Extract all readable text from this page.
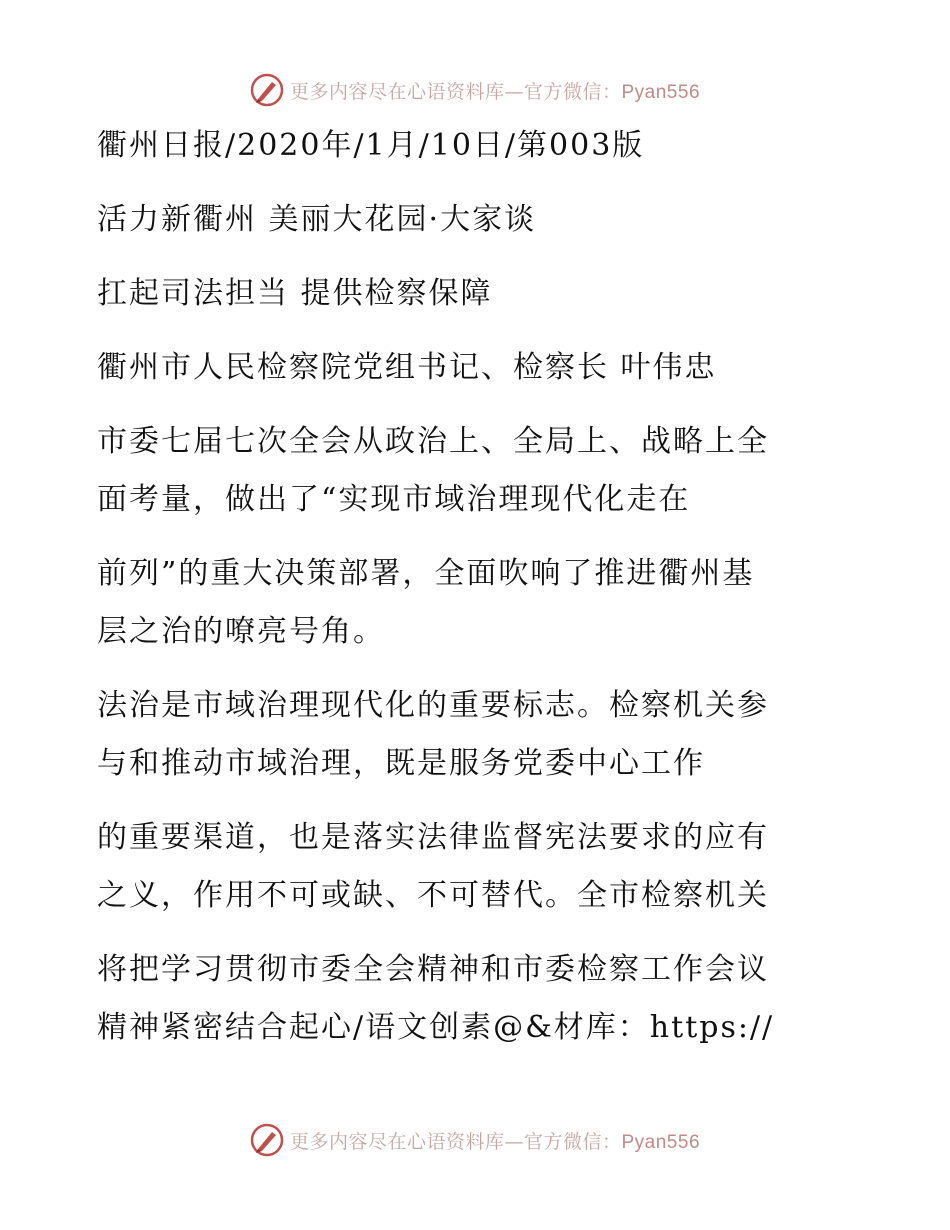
更多内容尽在心语资料库—官方微信：Pyan556
衢州日报/2020年/1月/10日/第003版
活力新衢州 美丽大花园·大家谈
扛起司法担当 提供检察保障
衢州市人民检察院党组书记、检察长 叶伟忠
市委七届七次全会从政治上、全局上、战略上全
面考量，做出了“实现市域治理现代化走在
前列”的重大决策部署，全面吹响了推进衢州基
层之治的嘹亮号角。
法治是市域治理现代化的重要标志。检察机关参
与和推动市域治理，既是服务党委中心工作
的重要渠道，也是落实法律监督宪法要求的应有
之义，作用不可或缺、不可替代。全市检察机关
将把学习贯彻市委全会精神和市委检察工作会议
精神紧密结合起心/语文创素@&材库：https://
更多内容尽在心语资料库—官方微信：Pyan556
